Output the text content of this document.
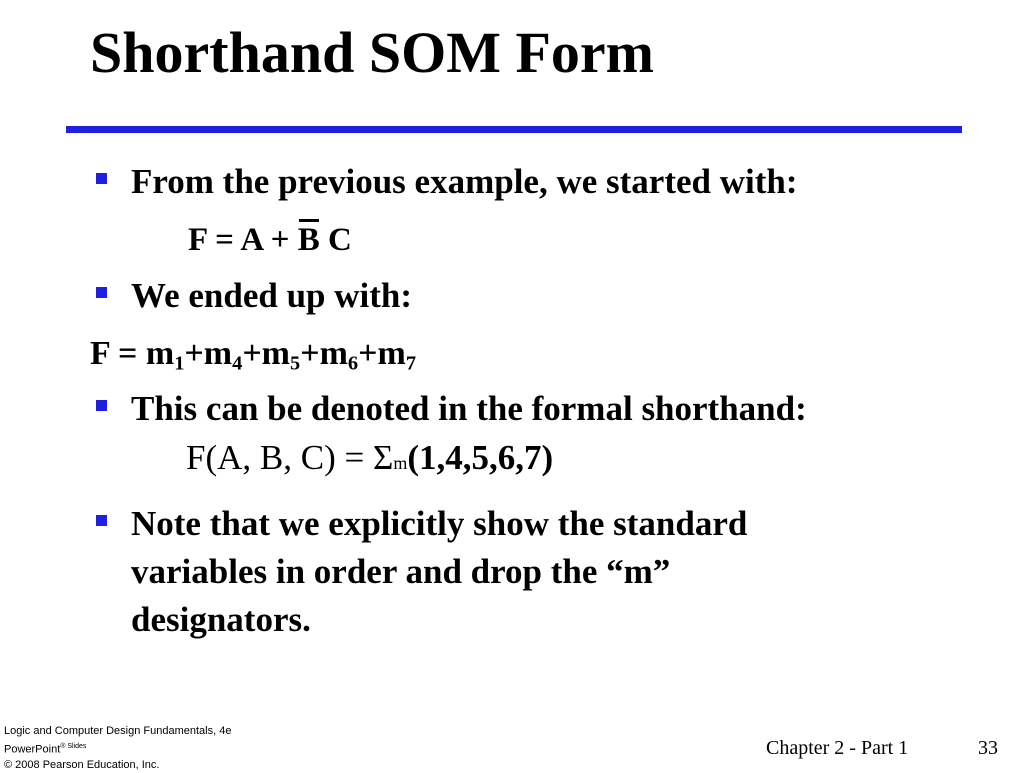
Shorthand SOM Form
From the previous example, we started with:
F = A + B C
We ended up with:
$F = m_1+m_4+m_5+m_6+m_7$
This can be denoted in the formal shorthand:
F(A, B, C) = Σm(1,4,5,6,7)
Note that we explicitly show the standard
variables in order and drop the “m”
designators.
Logic and Computer Design Fundamentals, 4e
PowerPoint$^{® Slides}$
© 2008 Pearson Education, Inc.
Chapter 2 - Part 1	33
